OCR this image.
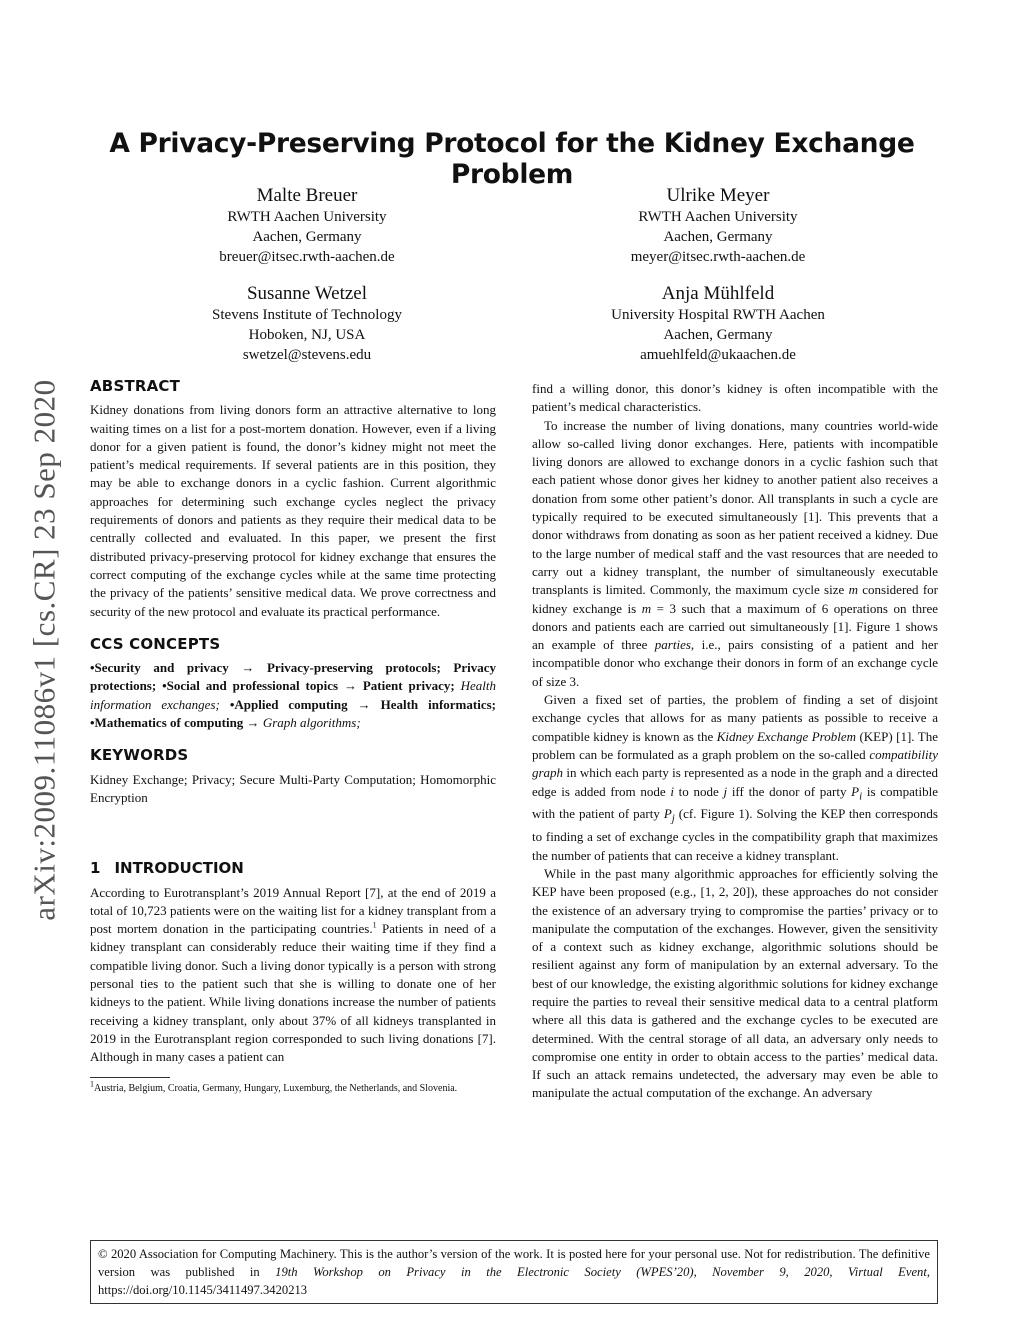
arXiv:2009.11086v1 [cs.CR] 23 Sep 2020
A Privacy-Preserving Protocol for the Kidney Exchange Problem
Malte Breuer
RWTH Aachen University
Aachen, Germany
breuer@itsec.rwth-aachen.de
Ulrike Meyer
RWTH Aachen University
Aachen, Germany
meyer@itsec.rwth-aachen.de
Susanne Wetzel
Stevens Institute of Technology
Hoboken, NJ, USA
swetzel@stevens.edu
Anja Mühlfeld
University Hospital RWTH Aachen
Aachen, Germany
amuehlfeld@ukaachen.de
ABSTRACT

Kidney donations from living donors form an attractive alternative to long waiting times on a list for a post-mortem donation. However, even if a living donor for a given patient is found, the donor’s kidney might not meet the patient’s medical requirements. If several patients are in this position, they may be able to exchange donors in a cyclic fashion. Current algorithmic approaches for determining such exchange cycles neglect the privacy requirements of donors and patients as they require their medical data to be centrally collected and evaluated. In this paper, we present the first distributed privacy-preserving protocol for kidney exchange that ensures the correct computing of the exchange cycles while at the same time protecting the privacy of the patients’ sensitive medical data. We prove correctness and security of the new protocol and evaluate its practical performance.

CCS CONCEPTS

•Security and privacy → Privacy-preserving protocols; Privacy protections; •Social and professional topics → Patient privacy; Health information exchanges; •Applied computing → Health informatics; •Mathematics of computing → Graph algorithms;

KEYWORDS

Kidney Exchange; Privacy; Secure Multi-Party Computation; Homomorphic Encryption

1 INTRODUCTION

According to Eurotransplant’s 2019 Annual Report [7], at the end of 2019 a total of 10,723 patients were on the waiting list for a kidney transplant from a post mortem donation in the participating countries.$^1$ Patients in need of a kidney transplant can considerably reduce their waiting time if they find a compatible living donor. Such a living donor typically is a person with strong personal ties to the patient such that she is willing to donate one of her kidneys to the patient. While living donations increase the number of patients receiving a kidney transplant, only about 37% of all kidneys transplanted in 2019 in the Eurotransplant region corresponded to such living donations [7]. Although in many cases a patient can

$^1$Austria, Belgium, Croatia, Germany, Hungary, Luxemburg, the Netherlands, and Slovenia.

find a willing donor, this donor’s kidney is often incompatible with the patient’s medical characteristics.

To increase the number of living donations, many countries world-wide allow so-called living donor exchanges. Here, patients with incompatible living donors are allowed to exchange donors in a cyclic fashion such that each patient whose donor gives her kidney to another patient also receives a donation from some other patient’s donor. All transplants in such a cycle are typically required to be executed simultaneously [1]. This prevents that a donor withdraws from donating as soon as her patient received a kidney. Due to the large number of medical staff and the vast resources that are needed to carry out a kidney transplant, the number of simultaneously executable transplants is limited. Commonly, the maximum cycle size m considered for kidney exchange is m = 3 such that a maximum of 6 operations on three donors and patients each are carried out simultaneously [1]. Figure 1 shows an example of three parties, i.e., pairs consisting of a patient and her incompatible donor who exchange their donors in form of an exchange cycle of size 3.

Given a fixed set of parties, the problem of finding a set of disjoint exchange cycles that allows for as many patients as possible to receive a compatible kidney is known as the Kidney Exchange Problem (KEP) [1]. The problem can be formulated as a graph problem on the so-called compatibility graph in which each party is represented as a node in the graph and a directed edge is added from node i to node j iff the donor of party $P_i$ is compatible with the patient of party $P_j$ (cf. Figure 1). Solving the KEP then corresponds to finding a set of exchange cycles in the compatibility graph that maximizes the number of patients that can receive a kidney transplant.

While in the past many algorithmic approaches for efficiently solving the KEP have been proposed (e.g., [1, 2, 20]), these approaches do not consider the existence of an adversary trying to compromise the parties’ privacy or to manipulate the computation of the exchanges. However, given the sensitivity of a context such as kidney exchange, algorithmic solutions should be resilient against any form of manipulation by an external adversary. To the best of our knowledge, the existing algorithmic solutions for kidney exchange require the parties to reveal their sensitive medical data to a central platform where all this data is gathered and the exchange cycles to be executed are determined. With the central storage of all data, an adversary only needs to compromise one entity in order to obtain access to the parties’ medical data. If such an attack remains undetected, the adversary may even be able to manipulate the actual computation of the exchange. An adversary

© 2020 Association for Computing Machinery. This is the author’s version of the work. It is posted here for your personal use. Not for redistribution. The definitive version was published in 19th Workshop on Privacy in the Electronic Society (WPES’20), November 9, 2020, Virtual Event, https://doi.org/10.1145/3411497.3420213
